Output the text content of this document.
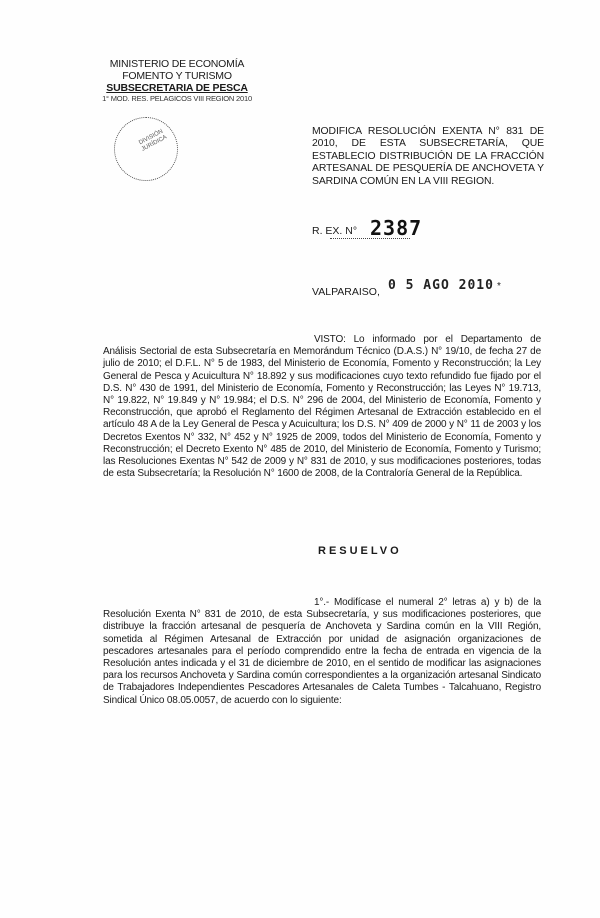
MINISTERIO DE ECONOMÍA
FOMENTO Y TURISMO
SUBSECRETARIA DE PESCA
1° MOD. RES. PELAGICOS VIII REGION 2010
DIVISIÓN JURÍDICA
MODIFICA RESOLUCIÓN EXENTA N° 831 DE 2010, DE ESTA SUBSECRETARÍA, QUE ESTABLECIO DISTRIBUCIÓN DE LA FRACCIÓN ARTESANAL DE PESQUERÍA DE ANCHOVETA Y SARDINA COMÚN EN LA VIII REGION.
R. EX. N° 2387
VALPARAISO, 0 5 AGO 2010 *
VISTO: Lo informado por el Departamento de Análisis Sectorial de esta Subsecretaría en Memorándum Técnico (D.A.S.) N° 19/10, de fecha 27 de julio de 2010; el D.F.L. N° 5 de 1983, del Ministerio de Economía, Fomento y Reconstrucción; la Ley General de Pesca y Acuicultura N° 18.892 y sus modificaciones cuyo texto refundido fue fijado por el D.S. N° 430 de 1991, del Ministerio de Economía, Fomento y Reconstrucción; las Leyes N° 19.713, N° 19.822, N° 19.849 y N° 19.984; el D.S. N° 296 de 2004, del Ministerio de Economía, Fomento y Reconstrucción, que aprobó el Reglamento del Régimen Artesanal de Extracción establecido en el artículo 48 A de la Ley General de Pesca y Acuicultura; los D.S. N° 409 de 2000 y N° 11 de 2003 y los Decretos Exentos N° 332, N° 452 y N° 1925 de 2009, todos del Ministerio de Economía, Fomento y Reconstrucción; el Decreto Exento N° 485 de 2010, del Ministerio de Economía, Fomento y Turismo; las Resoluciones Exentas N° 542 de 2009 y N° 831 de 2010, y sus modificaciones posteriores, todas de esta Subsecretaría; la Resolución N° 1600 de 2008, de la Contraloría General de la República.
RESUELVO
1°.- Modifícase el numeral 2° letras a) y b) de la Resolución Exenta N° 831 de 2010, de esta Subsecretaría, y sus modificaciones posteriores, que distribuye la fracción artesanal de pesquería de Anchoveta y Sardina común en la VIII Región, sometida al Régimen Artesanal de Extracción por unidad de asignación organizaciones de pescadores artesanales para el período comprendido entre la fecha de entrada en vigencia de la Resolución antes indicada y el 31 de diciembre de 2010, en el sentido de modificar las asignaciones para los recursos Anchoveta y Sardina común correspondientes a la organización artesanal Sindicato de Trabajadores Independientes Pescadores Artesanales de Caleta Tumbes - Talcahuano, Registro Sindical Único 08.05.0057, de acuerdo con lo siguiente:
